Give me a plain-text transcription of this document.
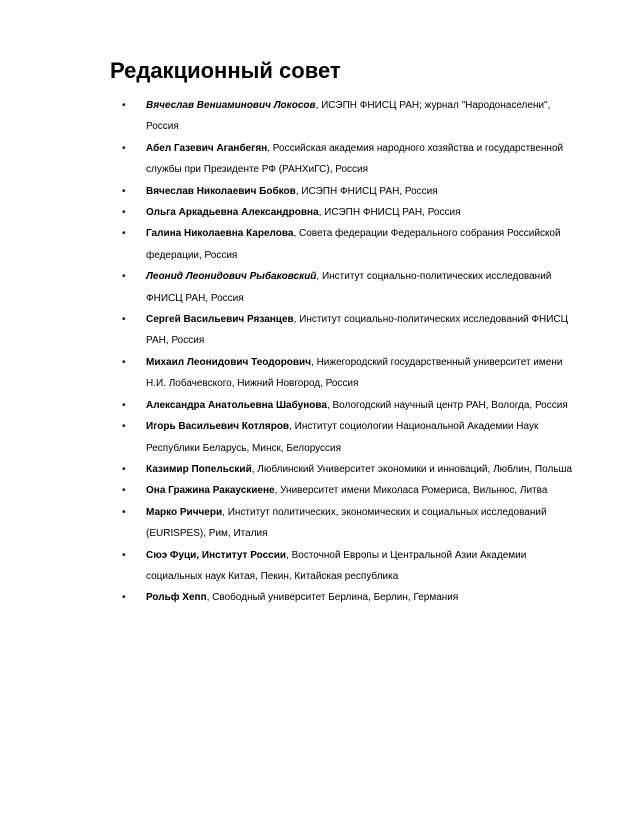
Редакционный совет
• Вячеслав Вениаминович Локосов, ИСЭПН ФНИСЦ РАН; журнал "Народонаселени", Россия
• Абел Газевич Аганбегян, Российская академия народного хозяйства и государственной службы при Президенте РФ (РАНХиГС), Россия
• Вячеслав Николаевич Бобков, ИСЭПН ФНИСЦ РАН, Россия
• Ольга Аркадьевна Александровна, ИСЭПН ФНИСЦ РАН, Россия
• Галина Николаевна Карелова, Совета федерации Федерального собрания Российской федерации, Россия
• Леонид Леонидович Рыбаковский, Институт социально-политических исследований ФНИСЦ РАН, Россия
• Сергей Васильевич Рязанцев, Институт социально-политических исследований ФНИСЦ РАН, Россия
• Михаил Леонидович Теодорович, Нижегородский государственный университет имени Н.И. Лобачевского, Нижний Новгород, Россия
• Александра Анатольевна Шабунова, Вологодский научный центр РАН, Вологда, Россия
• Игорь Васильевич Котляров, Институт социологии Национальной Академии Наук Республики Беларусь, Минск, Белоруссия
• Казимир Попельский, Люблинский Университет экономики и инноваций, Люблин, Польша
• Она Гражина Ракаускиене, Университет имени Миколаса Ромериса, Вильнюс, Литва
• Марко Риччери, Институт политических, экономических и социальных исследований (EURISPES), Рим, Италия
• Сюэ Фуци, Институт России, Восточной Европы и Центральной Азии Академии социальных наук Китая, Пекин, Китайская республика
• Рольф Хепп, Свободный университет Берлина, Берлин, Германия
